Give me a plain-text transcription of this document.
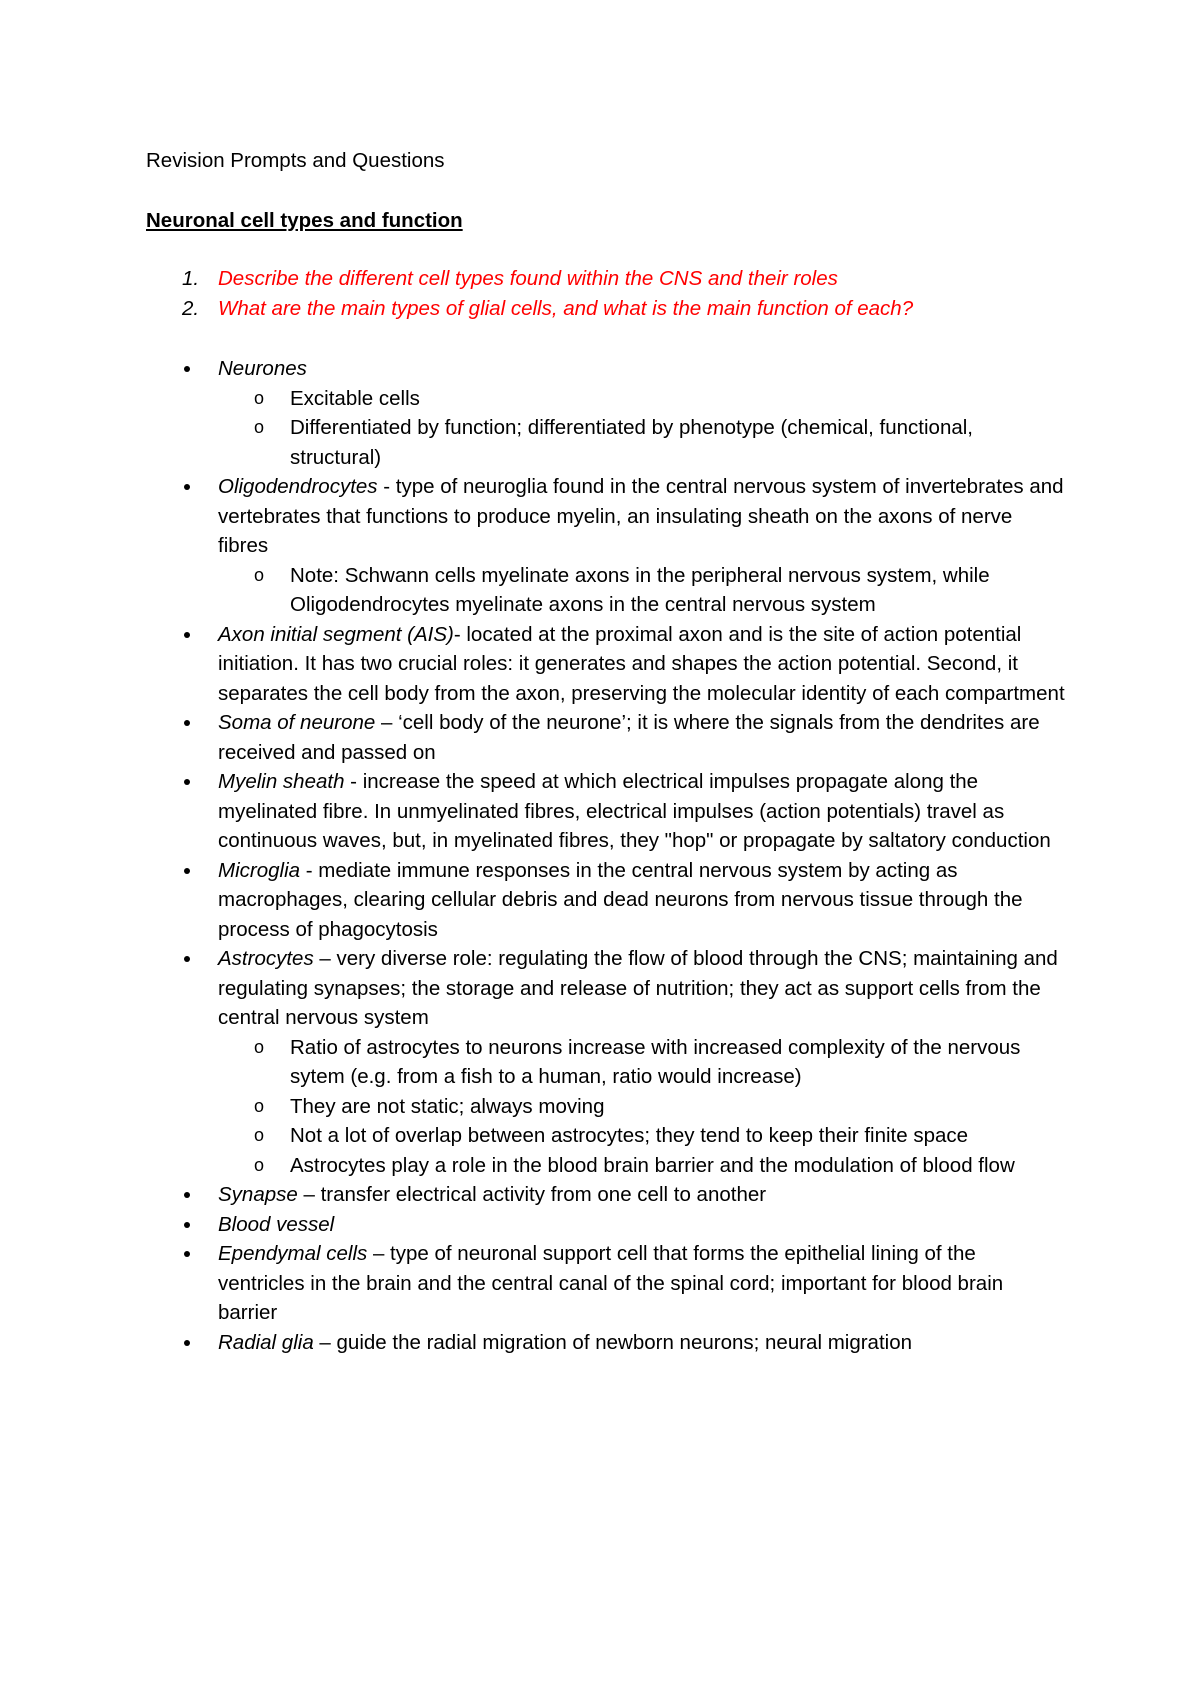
Revision Prompts and Questions
Neuronal cell types and function
1. Describe the different cell types found within the CNS and their roles
2. What are the main types of glial cells, and what is the main function of each?
Neurones
o Excitable cells
o Differentiated by function; differentiated by phenotype (chemical, functional, structural)
Oligodendrocytes - type of neuroglia found in the central nervous system of invertebrates and vertebrates that functions to produce myelin, an insulating sheath on the axons of nerve fibres
o Note: Schwann cells myelinate axons in the peripheral nervous system, while Oligodendrocytes myelinate axons in the central nervous system
Axon initial segment (AIS)- located at the proximal axon and is the site of action potential initiation. It has two crucial roles: it generates and shapes the action potential. Second, it separates the cell body from the axon, preserving the molecular identity of each compartment
Soma of neurone – ‘cell body of the neurone’; it is where the signals from the dendrites are received and passed on
Myelin sheath - increase the speed at which electrical impulses propagate along the myelinated fibre. In unmyelinated fibres, electrical impulses (action potentials) travel as continuous waves, but, in myelinated fibres, they "hop" or propagate by saltatory conduction
Microglia - mediate immune responses in the central nervous system by acting as macrophages, clearing cellular debris and dead neurons from nervous tissue through the process of phagocytosis
Astrocytes – very diverse role: regulating the flow of blood through the CNS; maintaining and regulating synapses; the storage and release of nutrition; they act as support cells from the central nervous system
o Ratio of astrocytes to neurons increase with increased complexity of the nervous sytem (e.g. from a fish to a human, ratio would increase)
o They are not static; always moving
o Not a lot of overlap between astrocytes; they tend to keep their finite space
o Astrocytes play a role in the blood brain barrier and the modulation of blood flow
Synapse – transfer electrical activity from one cell to another
Blood vessel
Ependymal cells – type of neuronal support cell that forms the epithelial lining of the ventricles in the brain and the central canal of the spinal cord; important for blood brain barrier
Radial glia – guide the radial migration of newborn neurons; neural migration
